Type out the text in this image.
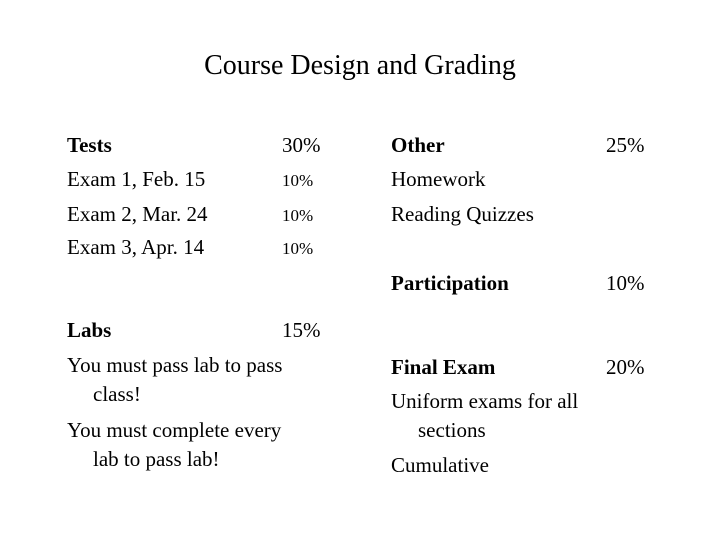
Course Design and Grading
Tests	30%
Exam 1, Feb. 15	10%
Exam 2, Mar. 24	10%
Exam 3, Apr. 14	10%
Labs	15%
You must pass lab to pass
class!
You must complete every
lab to pass lab!
Other	25%
Homework
Reading Quizzes
Participation	10%
Final Exam	20%
Uniform exams for all
sections
Cumulative
